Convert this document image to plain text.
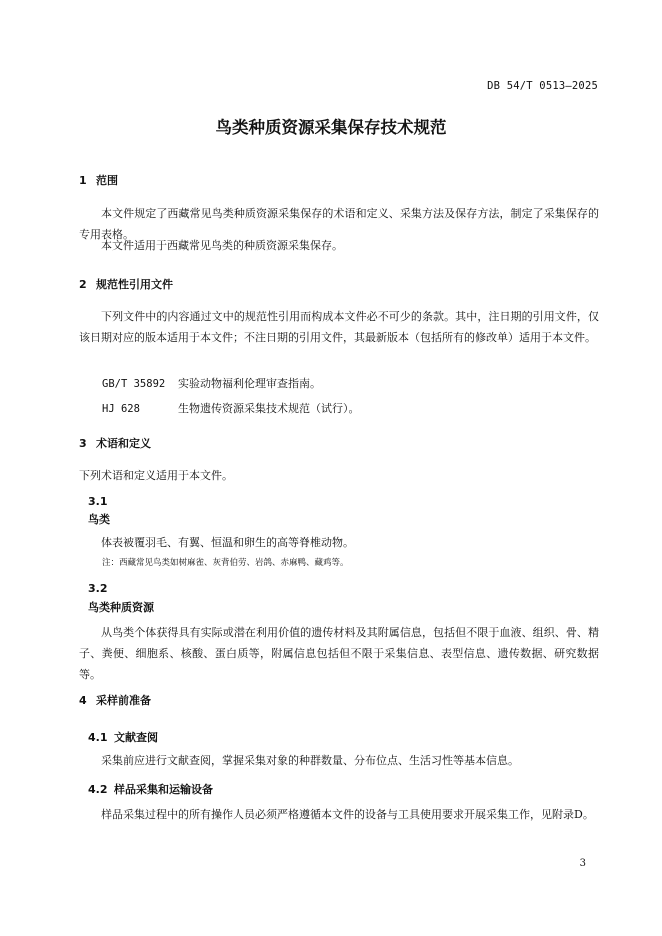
DB 54/T 0513—2025
鸟类种质资源采集保存技术规范
1 范围
本文件规定了西藏常见鸟类种质资源采集保存的术语和定义、采集方法及保存方法，制定了采集保存的专用表格。
本文件适用于西藏常见鸟类的种质资源采集保存。
2 规范性引用文件
下列文件中的内容通过文中的规范性引用而构成本文件必不可少的条款。其中，注日期的引用文件，仅该日期对应的版本适用于本文件；不注日期的引用文件，其最新版本（包括所有的修改单）适用于本文件。
GB/T 35892 实验动物福利伦理审查指南。
HJ 628	生物遗传资源采集技术规范（试行）。
3 术语和定义
下列术语和定义适用于本文件。
3.1
鸟类
体表被覆羽毛、有翼、恒温和卵生的高等脊椎动物。
注：西藏常见鸟类如树麻雀、灰背伯劳、岩鸽、赤麻鸭、藏鸡等。
3.2
鸟类种质资源
从鸟类个体获得具有实际或潜在利用价值的遗传材料及其附属信息，包括但不限于血液、组织、骨、精子、粪便、细胞系、核酸、蛋白质等，附属信息包括但不限于采集信息、表型信息、遗传数据、研究数据等。
4 采样前准备
4.1 文献查阅
采集前应进行文献查阅，掌握采集对象的种群数量、分布位点、生活习性等基本信息。
4.2 样品采集和运输设备
样品采集过程中的所有操作人员必须严格遵循本文件的设备与工具使用要求开展采集工作，见附录D。
3
